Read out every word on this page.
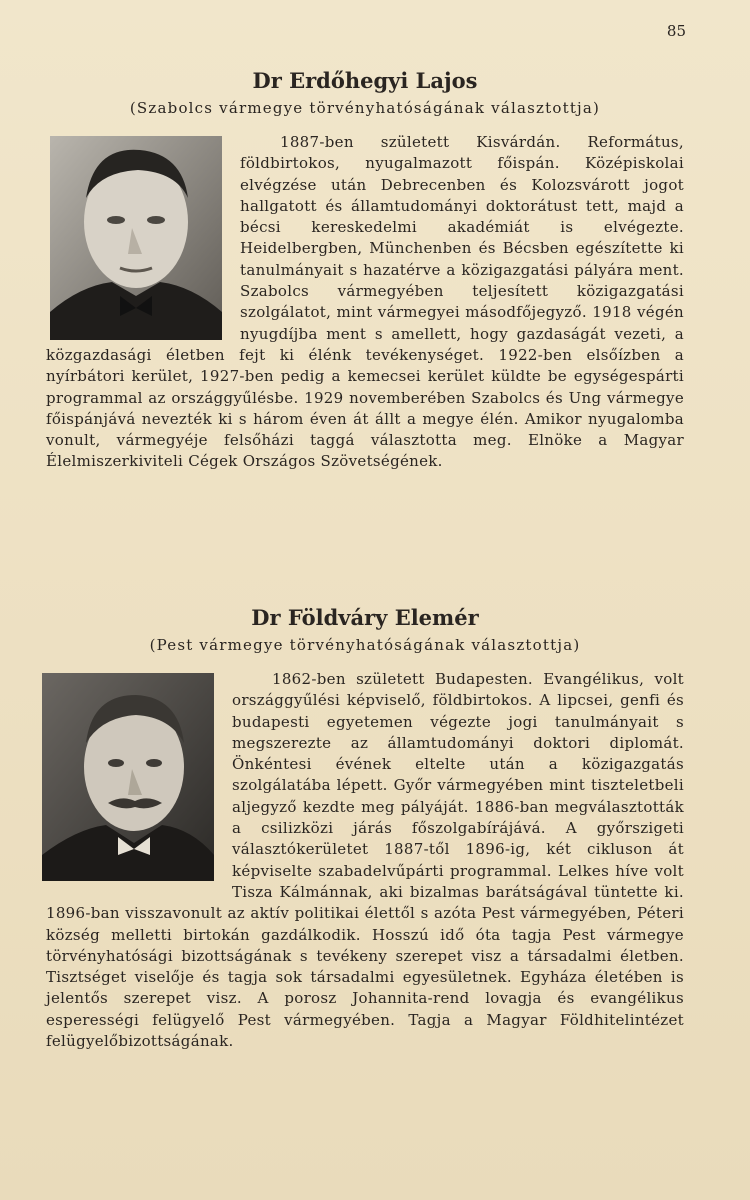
85
Dr Erdőhegyi Lajos

(Szabolcs vármegye törvényhatóságának választottja)

1887-ben született Kisvárdán. Református, földbirtokos, nyugalmazott főispán. Középiskolai elvégzése után Debrecenben és Kolozsvárott jogot hallgatott és államtudományi doktorátust tett, majd a bécsi kereskedelmi akadémiát is elvégezte. Heidelbergben, Münchenben és Bécsben egészítette ki tanulmányait s hazatérve a közigazgatási pályára ment. Szabolcs vármegyében teljesített közigazgatási szolgálatot, mint vármegyei másodfőjegyző. 1918 végén nyugdíjba ment s amellett, hogy gazdaságát vezeti, a közgazdasági életben fejt ki élénk tevékenységet. 1922-ben elsőízben a nyírbátori kerület, 1927-ben pedig a kemecsei kerület küldte be egységespárti programmal az országgyűlésbe. 1929 novemberében Szabolcs és Ung vármegye főispánjává nevezték ki s három éven át állt a megye élén. Amikor nyugalomba vonult, vármegyéje felsőházi taggá választotta meg. Elnöke a Magyar Élelmiszerkiviteli Cégek Országos Szövetségének.
Dr Földváry Elemér

(Pest vármegye törvényhatóságának választottja)

1862-ben született Budapesten. Evangélikus, volt országgyűlési képviselő, földbirtokos. A lipcsei, genfi és budapesti egyetemen végezte jogi tanulmányait s megszerezte az államtudományi doktori diplomát. Önkéntesi évének eltelte után a közigazgatás szolgálatába lépett. Győr vármegyében mint tiszteletbeli aljegyző kezdte meg pályáját. 1886-ban megválasztották a csilizközi járás főszolgabírájává. A győrszigeti választókerületet 1887-től 1896-ig, két cikluson át képviselte szabadelvűpárti programmal. Lelkes híve volt Tisza Kálmánnak, aki bizalmas barátságával tüntette ki. 1896-ban visszavonult az aktív politikai élettől s azóta Pest vármegyében, Péteri község melletti birtokán gazdálkodik. Hosszú idő óta tagja Pest vármegye törvényhatósági bizottságának s tevékeny szerepet visz a társadalmi életben. Tisztséget viselője és tagja sok társadalmi egyesületnek. Egyháza életében is jelentős szerepet visz. A porosz Johannita-rend lovagja és evangélikus esperességi felügyelő Pest vármegyében. Tagja a Magyar Földhitelintézet felügyelőbizottságának.
